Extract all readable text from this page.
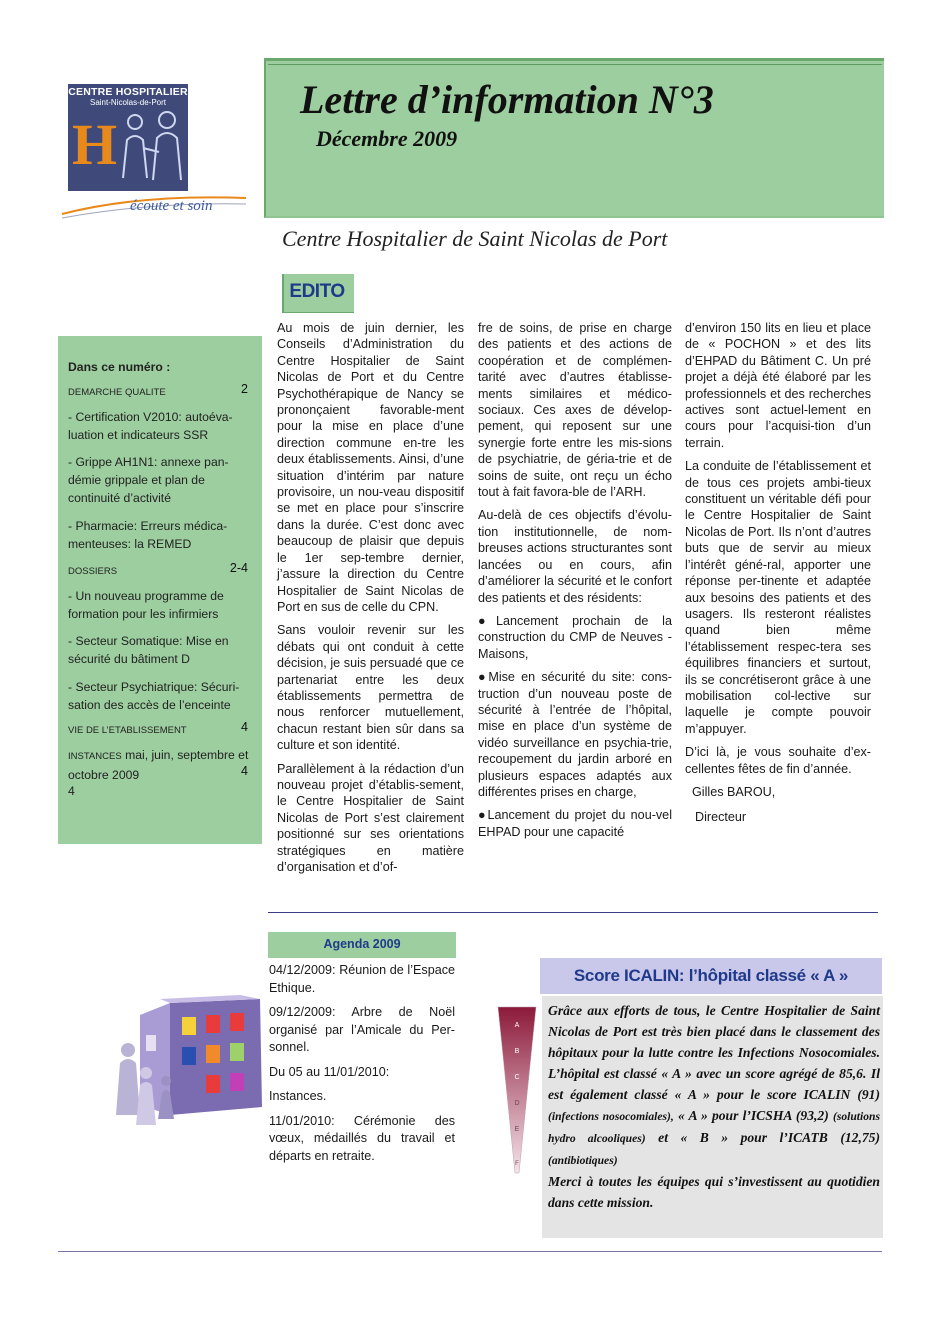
CENTRE HOSPITALIER
Saint-Nicolas-de-Port
H
écoute et soin
Lettre d’information N°3
Décembre 2009
Centre Hospitalier de Saint Nicolas de Port
EDITO
Dans ce numéro :
DEMARCHE QUALITE	2
- Certification V2010: autoéva-luation et indicateurs SSR
- Grippe AH1N1: annexe pan-démie grippale et plan de continuité d’activité
- Pharmacie: Erreurs médica-menteuses: la REMED
DOSSIERS	2-4
- Un nouveau programme de formation pour les infirmiers
- Secteur Somatique: Mise en sécurité du bâtiment D
- Secteur Psychiatrique: Sécuri-sation des accès de l’enceinte
VIE DE L’ETABLISSEMENT	4
INSTANCES mai, juin, septembre et octobre 2009	4
4

Au mois de juin dernier, les Conseils d’Administration du Centre Hospitalier de Saint Nicolas de Port et du Centre Psychothérapique de Nancy se prononçaient favorable-ment pour la mise en place d’une direction commune en-tre les deux établissements. Ainsi, d’une situation d’intérim par nature provisoire, un nou-veau dispositif se met en place pour s’inscrire dans la durée. C’est donc avec beaucoup de plaisir que depuis le 1er sep-tembre dernier, j’assure la direction du Centre Hospitalier de Saint Nicolas de Port en sus de celle du CPN.

Sans vouloir revenir sur les débats qui ont conduit à cette décision, je suis persuadé que ce partenariat entre les deux établissements permettra de nous renforcer mutuellement, chacun restant bien sûr dans sa culture et son identité.

Parallèlement à la rédaction d’un nouveau projet d’établis-sement, le Centre Hospitalier de Saint Nicolas de Port s’est clairement positionné sur ses orientations stratégiques en matière d’organisation et d’of-

fre de soins, de prise en charge des patients et des actions de coopération et de complémen-tarité avec d’autres établisse-ments similaires et médico-sociaux. Ces axes de dévelop-pement, qui reposent sur une synergie forte entre les mis-sions de psychiatrie, de géria-trie et de soins de suite, ont reçu un écho tout à fait favora-ble de l’ARH.

Au-delà de ces objectifs d’évolu-tion institutionnelle, de nom-breuses actions structurantes sont lancées ou en cours, afin d’améliorer la sécurité et le confort des patients et des résidents:

●Lancement prochain de la construction du CMP de Neuves -Maisons,

●Mise en sécurité du site: cons-truction d’un nouveau poste de sécurité à l’entrée de l’hôpital, mise en place d’un système de vidéo surveillance en psychia-trie, recoupement du jardin arboré en plusieurs espaces adaptés aux différentes prises en charge,

●Lancement du projet du nou-vel EHPAD pour une capacité

d’environ 150 lits en lieu et place de « POCHON » et des lits d’EHPAD du Bâtiment C. Un pré projet a déjà été élaboré par les professionnels et des recherches actives sont actuel-lement en cours pour l’acquisi-tion d’un terrain.

La conduite de l’établissement et de tous ces projets ambi-tieux constituent un véritable défi pour le Centre Hospitalier de Saint Nicolas de Port. Ils n’ont d’autres buts que de servir au mieux l’intérêt géné-ral, apporter une réponse per-tinente et adaptée aux besoins des patients et des usagers. Ils resteront réalistes quand bien même l’établissement respec-tera ses équilibres financiers et surtout, ils se concrétiseront grâce à une mobilisation col-lective sur laquelle je compte pouvoir m’appuyer.

D’ici là, je vous souhaite d’ex-cellentes fêtes de fin d’année.

Gilles BAROU,

Directeur

Agenda 2009

04/12/2009: Réunion de l’Espace Ethique.

09/12/2009: Arbre de Noël organisé par l’Amicale du Per-sonnel.

Du 05 au 11/01/2010:

Instances.

11/01/2010: Cérémonie des vœux, médaillés du travail et départs en retraite.

Score ICALIN: l’hôpital classé « A »
Grâce aux efforts de tous, le Centre Hospitalier de Saint Nicolas de Port est très bien placé dans le classement des hôpitaux pour la lutte contre les Infections Nosocomiales. L’hôpital est classé « A » avec un score agrégé de 85,6. Il est également classé « A » pour le score ICALIN (91) (infections nosocomiales), « A » pour l’ICSHA (93,2) (solutions hydro alcooliques) et « B » pour l’ICATB (12,75) (antibiotiques)
Merci à toutes les équipes qui s’investissent au quotidien dans cette mission.
A
B
C
D
E
F
